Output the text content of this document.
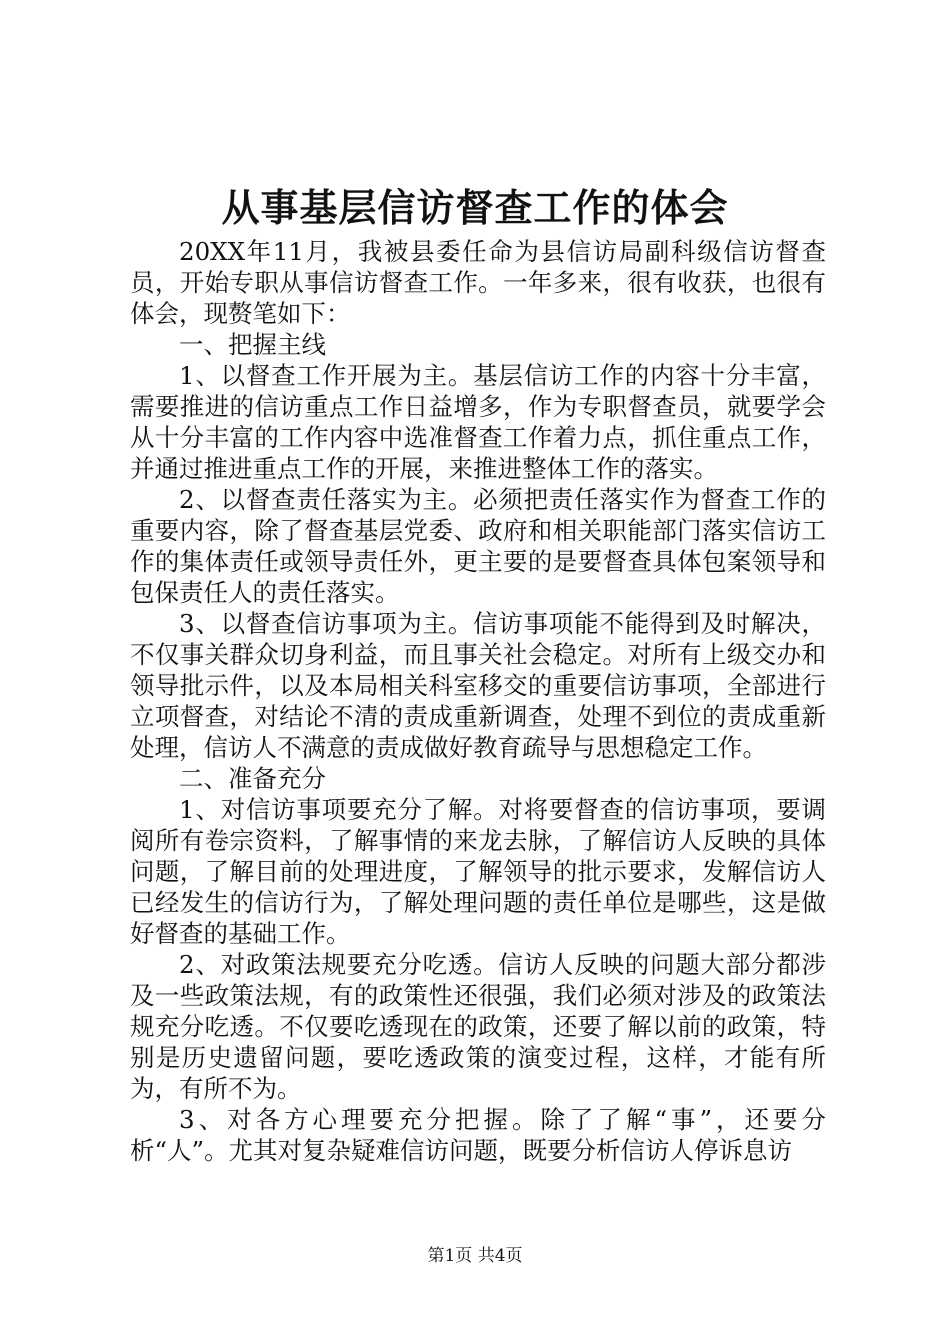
从事基层信访督查工作的体会

20XX年11月，我被县委任命为县信访局副科级信访督查员，开始专职从事信访督查工作。一年多来，很有收获，也很有体会，现赘笔如下：

一、把握主线

1、以督查工作开展为主。基层信访工作的内容十分丰富，需要推进的信访重点工作日益增多，作为专职督查员，就要学会从十分丰富的工作内容中选准督查工作着力点，抓住重点工作，并通过推进重点工作的开展，来推进整体工作的落实。

2、以督查责任落实为主。必须把责任落实作为督查工作的重要内容，除了督查基层党委、政府和相关职能部门落实信访工作的集体责任或领导责任外，更主要的是要督查具体包案领导和包保责任人的责任落实。

3、以督查信访事项为主。信访事项能不能得到及时解决，不仅事关群众切身利益，而且事关社会稳定。对所有上级交办和领导批示件，以及本局相关科室移交的重要信访事项，全部进行立项督查，对结论不清的责成重新调查，处理不到位的责成重新处理，信访人不满意的责成做好教育疏导与思想稳定工作。

二、准备充分

1、对信访事项要充分了解。对将要督查的信访事项，要调阅所有卷宗资料，了解事情的来龙去脉，了解信访人反映的具体问题，了解目前的处理进度，了解领导的批示要求，发解信访人已经发生的信访行为，了解处理问题的责任单位是哪些，这是做好督查的基础工作。

2、对政策法规要充分吃透。信访人反映的问题大部分都涉及一些政策法规，有的政策性还很强，我们必须对涉及的政策法规充分吃透。不仅要吃透现在的政策，还要了解以前的政策，特别是历史遗留问题，要吃透政策的演变过程，这样，才能有所为，有所不为。

3、对各方心理要充分把握。除了了解“事”，还要分析“人”。尤其对复杂疑难信访问题，既要分析信访人停诉息访

第1页 共4页
